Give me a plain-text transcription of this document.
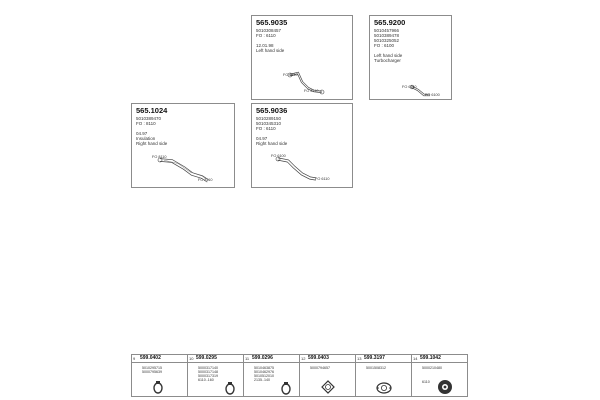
565.9035
5010308457
FO : 6110
12.01.98
Left hand side
FO 6110
FO 6110
565.9200
5010457966
5010389478
5010325052
FO : 6100
Left hand side
Turbocharger
FO 6110
FO 6100
565.1024
5010389470
FO : 8110
04.97
Insulation
Right hand side
FO 8110
FO 8110
565.9036
5010289150
5010345310
FO : 6110
04.97
Right hand side
FO 6100
FO 6110
9 599.0402
5010295715
5000795639
10 599.0295
5000317140
5000317148
5000317319
6110..160
11 599.0296
5010463875
5010462976
5010512010
2135..140
12 599.0403
5000794657
13 599.3197
5001508312
14 599.1042
5000210480
6110
